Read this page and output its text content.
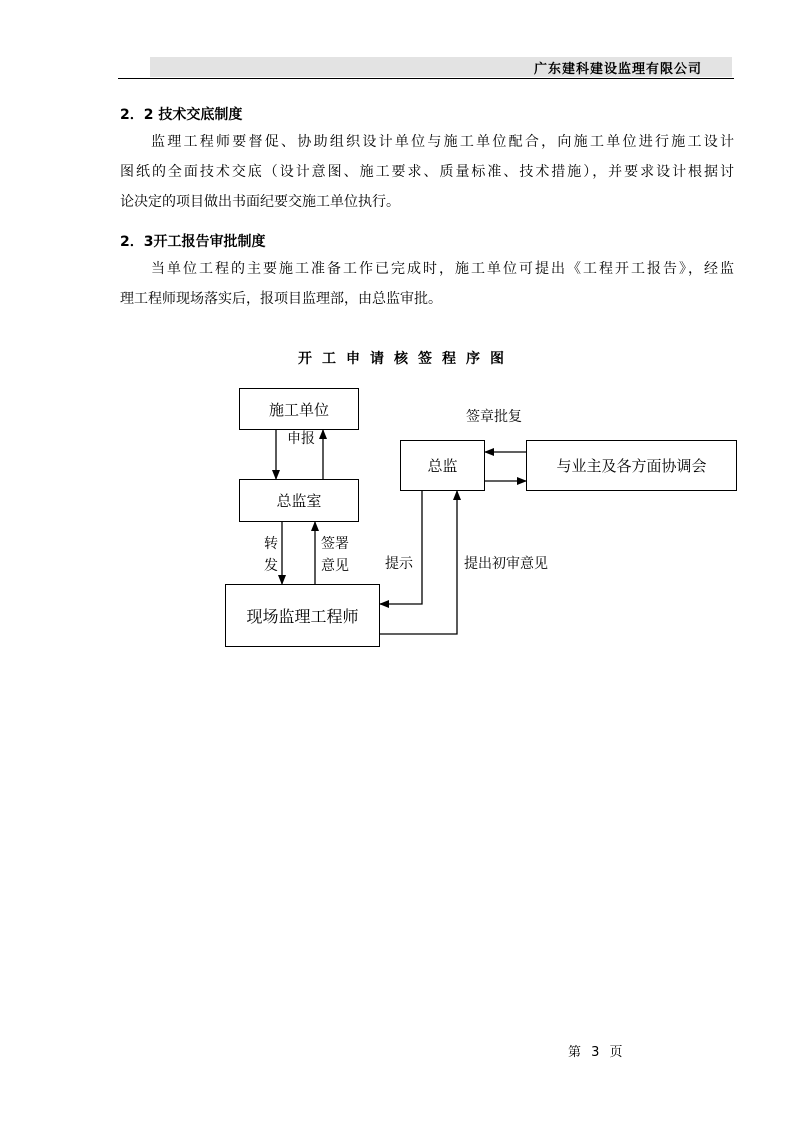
广东建科建设监理有限公司
2．2 技术交底制度
监理工程师要督促、协助组织设计单位与施工单位配合，向施工单位进行施工设计
图纸的全面技术交底（设计意图、施工要求、质量标准、技术措施），并要求设计根据讨
论决定的项目做出书面纪要交施工单位执行。
2．3开工报告审批制度
当单位工程的主要施工准备工作已完成时，施工单位可提出《工程开工报告》，经监
理工程师现场落实后，报项目监理部，由总监审批。
开工申请核签程序图
施工单位
总监室
现场监理工程师
总监	与业主及各方面协调会
申报
转
发
签署
意见	提示	提出初审意见
签章批复
第 3 页
